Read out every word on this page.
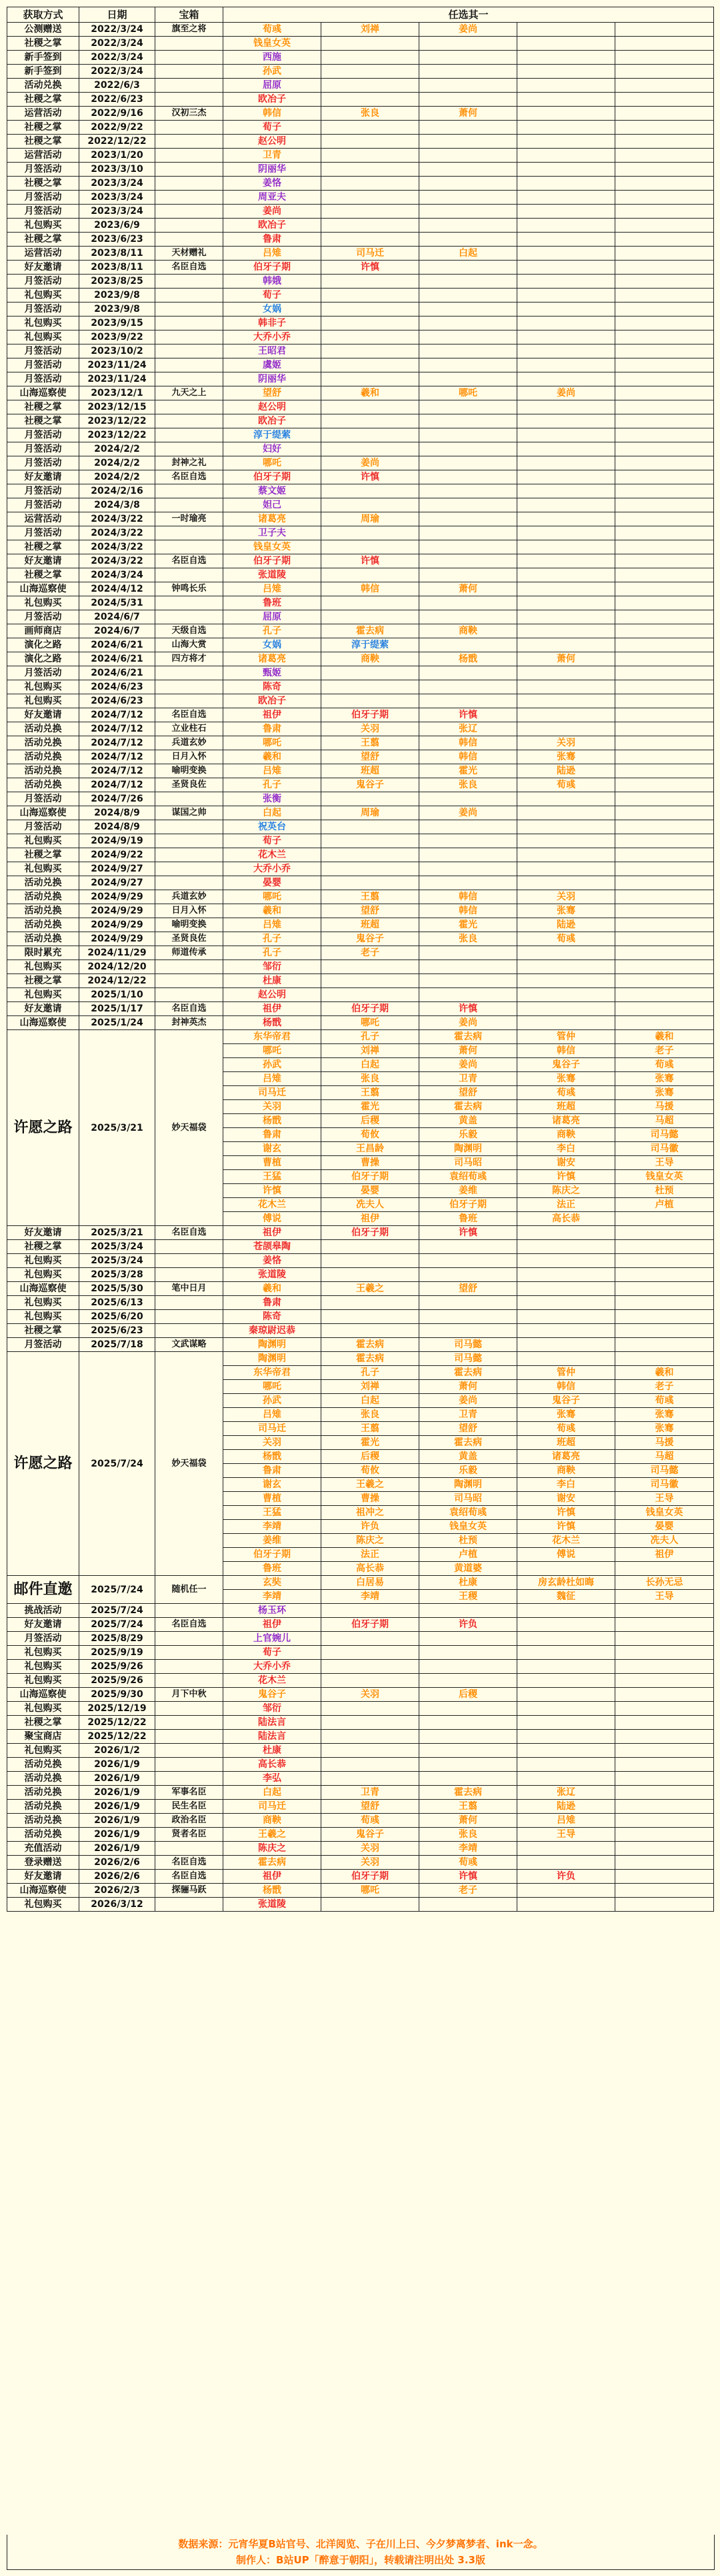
获取方式	日期	宝箱	任选其一				
公测赠送	2022/3/24	旗至之将	荀彧	刘禅	姜尚		
社稷之掌	2022/3/24		钱皇女英				
新手签到	2022/3/24		西施				
新手签到	2022/3/24		孙武				
活动兑换	2022/6/3		屈原				
社稷之掌	2022/6/23		欧冶子				
运营活动	2022/9/16	汉初三杰	韩信	张良	萧何		
社稷之掌	2022/9/22		荀子				
社稷之掌	2022/12/22		赵公明				
运营活动	2023/1/20		卫青				
月签活动	2023/3/10		阴丽华				
社稷之掌	2023/3/24		姜恪				
月签活动	2023/3/24		周亚夫				
月签活动	2023/3/24		姜尚				
礼包购买	2023/6/9		欧冶子				
社稷之掌	2023/6/23		鲁肃				
运营活动	2023/8/11	天材赠礼	吕雉	司马迁	白起		
好友邀请	2023/8/11	名臣自选	伯牙子期	许慎			
月签活动	2023/8/25		韩娥				
礼包购买	2023/9/8		荀子				
月签活动	2023/9/8		女娲				
礼包购买	2023/9/15		韩非子				
礼包购买	2023/9/22		大乔小乔				
月签活动	2023/10/2		王昭君				
月签活动	2023/11/24		虞姬				
月签活动	2023/11/24		阴丽华				
山海巡察使	2023/12/1	九天之上	望舒	羲和	哪吒	姜尚	
社稷之掌	2023/12/15		赵公明				
社稷之掌	2023/12/22		欧冶子				
月签活动	2023/12/22		淳于缇萦				
月签活动	2024/2/2		妇好				
月签活动	2024/2/2	封神之礼	哪吒	姜尚			
好友邀请	2024/2/2	名臣自选	伯牙子期	许慎			
月签活动	2024/2/16		蔡文姬				
月签活动	2024/3/8		妲己				
运营活动	2024/3/22	一时瑜亮	诸葛亮	周瑜			
月签活动	2024/3/22		卫子夫				
社稷之掌	2024/3/22		钱皇女英				
好友邀请	2024/3/22	名臣自选	伯牙子期	许慎			
社稷之掌	2024/3/24		张道陵				
山海巡察使	2024/4/12	钟鸣长乐	吕雉	韩信	萧何		
礼包购买	2024/5/31		鲁班				
月签活动	2024/6/7		屈原				
画师商店	2024/6/7	天级自选	孔子	霍去病	商鞅		
演化之路	2024/6/21	山海大赏	女娲	淳于缇萦			
演化之路	2024/6/21	四方将才	诸葛亮	商鞅	杨戬	萧何	
月签活动	2024/6/21		甄姬				
礼包购买	2024/6/23		陈奇				
礼包购买	2024/6/23		欧冶子				
好友邀请	2024/7/12	名臣自选	祖伊	伯牙子期	许慎		
活动兑换	2024/7/12	立业柱石	鲁肃	关羽	张辽		
活动兑换	2024/7/12	兵道玄妙	哪吒	王翦	韩信	关羽	
活动兑换	2024/7/12	日月入怀	羲和	望舒	韩信	张骞	
活动兑换	2024/7/12	喻明变换	吕雉	班超	霍光	陆逊	
活动兑换	2024/7/12	圣贤良佐	孔子	鬼谷子	张良	荀彧	
月签活动	2024/7/26		张衡				
山海巡察使	2024/8/9	谋国之帅	白起	周瑜	姜尚		
月签活动	2024/8/9		祝英台				
礼包购买	2024/9/19		荀子				
社稷之掌	2024/9/22		花木兰				
礼包购买	2024/9/27		大乔小乔				
活动兑换	2024/9/27		晏婴				
活动兑换	2024/9/29	兵道玄妙	哪吒	王翦	韩信	关羽	
活动兑换	2024/9/29	日月入怀	羲和	望舒	韩信	张骞	
活动兑换	2024/9/29	喻明变换	吕雉	班超	霍光	陆逊	
活动兑换	2024/9/29	圣贤良佐	孔子	鬼谷子	张良	荀彧	
限时累充	2024/11/29	师道传承	孔子	老子			
礼包购买	2024/12/20		邹衍				
社稷之掌	2024/12/22		杜康				
礼包购买	2025/1/10		赵公明				
好友邀请	2025/1/17	名臣自选	祖伊	伯牙子期	许慎		
山海巡察使	2025/1/24	封神英杰	杨戬	哪吒	姜尚		
许愿之路	2025/3/21	妙天福袋	东华帝君	孔子	霍去病	管仲	羲和
			哪吒	刘禅	萧何	韩信	老子
			孙武	白起	姜尚	鬼谷子	荀彧
			吕雉	张良	卫青	张骞	张骞
			司马迁	王翦	望舒	荀彧	张骞
			关羽	霍光	霍去病	班超	马援
			杨戬	后稷	黄盖	诸葛亮	马超
			鲁肃	荀攸	乐毅	商鞅	司马懿
			谢玄	王昌龄	陶渊明	李白	司马徽
			曹植	曹操	司马昭	谢安	王导
			王猛	伯牙子期	袁绍荀彧	许慎	钱皇女英
			许慎	晏婴	姜维	陈庆之	杜预
			花木兰	冼夫人	伯牙子期	法正	卢植
			傅说	祖伊	鲁班	高长恭	
好友邀请	2025/3/21	名臣自选	祖伊	伯牙子期	许慎		
社稷之掌	2025/3/24		苍颉皋陶				
礼包购买	2025/3/24		姜恪				
礼包购买	2025/3/28		张道陵				
山海巡察使	2025/5/30	笔中日月	羲和	王羲之	望舒		
礼包购买	2025/6/13		鲁肃				
礼包购买	2025/6/20		陈奇				
社稷之掌	2025/6/23		秦琼尉迟恭				
月签活动	2025/7/18	文武谋略	陶渊明	霍去病	司马懿		
许愿之路	2025/7/24	妙天福袋	陶渊明	霍去病	司马懿		
			东华帝君	孔子	霍去病	管仲	羲和
			哪吒	刘禅	萧何	韩信	老子
			孙武	白起	姜尚	鬼谷子	荀彧
			吕雉	张良	卫青	张骞	张骞
			司马迁	王翦	望舒	荀彧	张骞
			关羽	霍光	霍去病	班超	马援
			杨戬	后稷	黄盖	诸葛亮	马超
			鲁肃	荀攸	乐毅	商鞅	司马懿
			谢玄	王羲之	陶渊明	李白	司马徽
			曹植	曹操	司马昭	谢安	王导
			王猛	祖冲之	袁绍荀彧	许慎	钱皇女英
			李靖	许负	钱皇女英	许慎	晏婴
			姜维	陈庆之	杜预	花木兰	冼夫人
			伯牙子期	法正	卢植	傅说	祖伊
			鲁班	高长恭	黄道婆		
邮件直邀	2025/7/24	随机任一	玄奘	白居易	杜康	房玄龄杜如晦	长孙无忌
			李靖	李靖	王稷	魏征	王导
挑战活动	2025/7/24		杨玉环				
好友邀请	2025/7/24	名臣自选	祖伊	伯牙子期	许负		
月签活动	2025/8/29		上官婉儿				
礼包购买	2025/9/19		荀子				
礼包购买	2025/9/26		大乔小乔				
礼包购买	2025/9/26		花木兰				
山海巡察使	2025/9/30	月下中秋	鬼谷子	关羽	后稷		
礼包购买	2025/12/19		邹衍				
社稷之掌	2025/12/22		陆法言				
聚宝商店	2025/12/22		陆法言				
礼包购买	2026/1/2		杜康				
活动兑换	2026/1/9		高长恭				
活动兑换	2026/1/9		李弘				
活动兑换	2026/1/9	军事名臣	白起	卫青	霍去病	张辽	
活动兑换	2026/1/9	民生名臣	司马迁	望舒	王翦	陆逊	
活动兑换	2026/1/9	政治名臣	商鞅	荀彧	萧何	吕雉	
活动兑换	2026/1/9	贤者名臣	王羲之	鬼谷子	张良	王导	
充值活动	2026/1/9		陈庆之	关羽	李靖		
登录赠送	2026/2/6	名臣自选	霍去病	关羽	荀彧		
好友邀请	2026/2/6	名臣自选	祖伊	伯牙子期	许慎	许负	
山海巡察使	2026/2/3	探骊马跃	杨戬	哪吒	老子		
礼包购买	2026/3/12		张道陵				
数据来源：元宵华夏B站官号、北洋阅览、子在川上曰、今夕梦离梦者、ink一念。
制作人：B站UP「醉意于朝阳」，转载请注明出处 3.3版
